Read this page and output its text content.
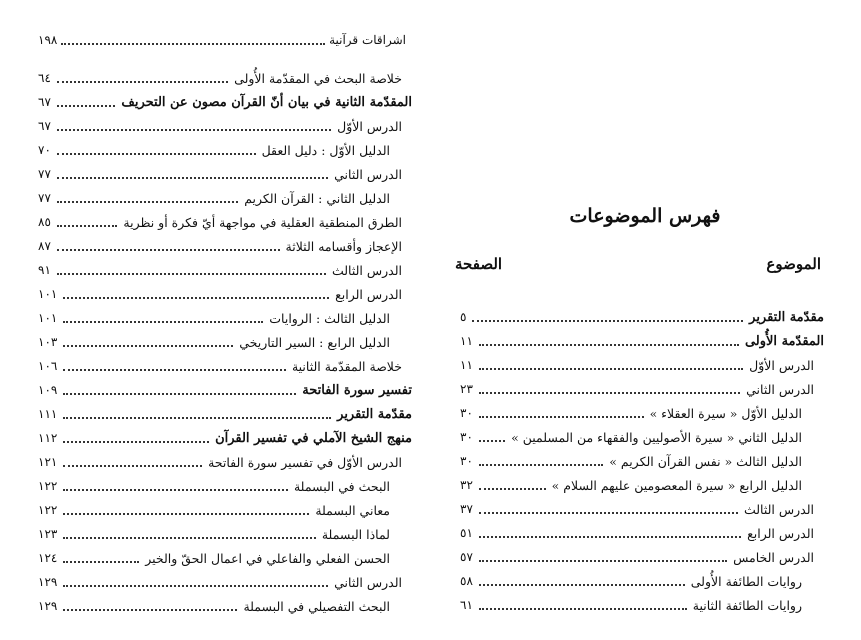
اشراقات قرآنية
١٩٨
خلاصة البحث في المقدّمة الأُولى
٦٤
المقدّمة الثانية في بيان أنّ القرآن مصون عن التحريف
٦٧
الدرس الأوّل
٦٧
الدليل الأوّل : دليل العقل
٧٠
الدرس الثاني
٧٧
الدليل الثاني : القرآن الكريم
٧٧
الطرق المنطقية العقلية في مواجهة أيّ فكرة أو نظرية
٨٥
الإعجاز وأقسامه الثلاثة
٨٧
الدرس الثالث
٩١
الدرس الرابع
١٠١
الدليل الثالث : الروايات
١٠١
الدليل الرابع : السير التاريخي
١٠٣
خلاصة المقدّمة الثانية
١٠٦
تفسير سورة الفاتحة
١٠٩
مقدّمة التقرير
١١١
منهج الشيخ الآملي في تفسير القرآن
١١٢
الدرس الأوّل في تفسير سورة الفاتحة
١٢١
البحث في البسملة
١٢٢
معاني البسملة
١٢٢
لماذا البسملة
١٢٣
الحسن الفعلي والفاعلي في اعمال الحقّ والخير
١٢٤
الدرس الثاني
١٢٩
البحث التفصيلي في البسملة
١٢٩
فهرس الموضوعات
الموضوع
الصفحة
مقدّمة التقرير
٥
المقدّمة الأُولى
١١
الدرس الأوّل
١١
الدرس الثاني
٢٣
الدليل الأوّل « سيرة العقلاء »
٣٠
الدليل الثاني « سيرة الأصوليين والفقهاء من المسلمين »
٣٠
الدليل الثالث « نفس القرآن الكريم »
٣٠
الدليل الرابع « سيرة المعصومين عليهم السلام »
٣٢
الدرس الثالث
٣٧
الدرس الرابع
٥١
الدرس الخامس
٥٧
روايات الطائفة الأُولى
٥٨
روايات الطائفة الثانية
٦١
